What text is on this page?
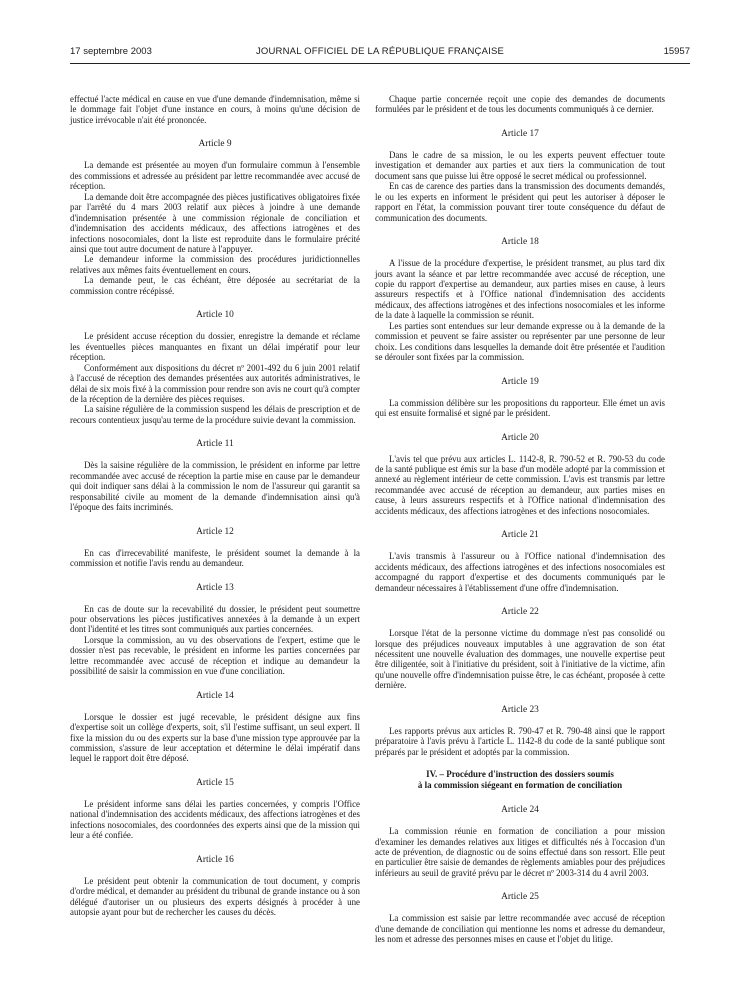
17 septembre 2003	JOURNAL OFFICIEL DE LA RÉPUBLIQUE FRANÇAISE	15957

effectué l'acte médical en cause en vue d'une demande d'indemnisation, même si le dommage fait l'objet d'une instance en cours, à moins qu'une décision de justice irrévocable n'ait été prononcée.

Article 9

La demande est présentée au moyen d'un formulaire commun à l'ensemble des commissions et adressée au président par lettre recommandée avec accusé de réception.

La demande doit être accompagnée des pièces justificatives obligatoires fixée par l'arrêté du 4 mars 2003 relatif aux pièces à joindre à une demande d'indemnisation présentée à une commission régionale de conciliation et d'indemnisation des accidents médicaux, des affections iatrogènes et des infections nosocomiales, dont la liste est reproduite dans le formulaire précité ainsi que tout autre document de nature à l'appuyer.

Le demandeur informe la commission des procédures juridictionnelles relatives aux mêmes faits éventuellement en cours.

La demande peut, le cas échéant, être déposée au secrétariat de la commission contre récépissé.

Article 10

Le président accuse réception du dossier, enregistre la demande et réclame les éventuelles pièces manquantes en fixant un délai impératif pour leur réception.

Conformément aux dispositions du décret nº 2001-492 du 6 juin 2001 relatif à l'accusé de réception des demandes présentées aux autorités administratives, le délai de six mois fixé à la commission pour rendre son avis ne court qu'à compter de la réception de la dernière des pièces requises.

La saisine régulière de la commission suspend les délais de prescription et de recours contentieux jusqu'au terme de la procédure suivie devant la commission.

Article 11

Dès la saisine régulière de la commission, le président en informe par lettre recommandée avec accusé de réception la partie mise en cause par le demandeur qui doit indiquer sans délai à la commission le nom de l'assureur qui garantit sa responsabilité civile au moment de la demande d'indemnisation ainsi qu'à l'époque des faits incriminés.

Article 12

En cas d'irrecevabilité manifeste, le président soumet la demande à la commission et notifie l'avis rendu au demandeur.

Article 13

En cas de doute sur la recevabilité du dossier, le président peut soumettre pour observations les pièces justificatives annexées à la demande à un expert dont l'identité et les titres sont communiqués aux parties concernées.

Lorsque la commission, au vu des observations de l'expert, estime que le dossier n'est pas recevable, le président en informe les parties concernées par lettre recommandée avec accusé de réception et indique au demandeur la possibilité de saisir la commission en vue d'une conciliation.

Article 14

Lorsque le dossier est jugé recevable, le président désigne aux fins d'expertise soit un collège d'experts, soit, s'il l'estime suffisant, un seul expert. Il fixe la mission du ou des experts sur la base d'une mission type approuvée par la commission, s'assure de leur acceptation et détermine le délai impératif dans lequel le rapport doit être déposé.

Article 15

Le président informe sans délai les parties concernées, y compris l'Office national d'indemnisation des accidents médicaux, des affections iatrogènes et des infections nosocomiales, des coordonnées des experts ainsi que de la mission qui leur a été confiée.

Article 16

Le président peut obtenir la communication de tout document, y compris d'ordre médical, et demander au président du tribunal de grande instance ou à son délégué d'autoriser un ou plusieurs des experts désignés à procéder à une autopsie ayant pour but de rechercher les causes du décès.

Chaque partie concernée reçoit une copie des demandes de documents formulées par le président et de tous les documents communiqués à ce dernier.

Article 17

Dans le cadre de sa mission, le ou les experts peuvent effectuer toute investigation et demander aux parties et aux tiers la communication de tout document sans que puisse lui être opposé le secret médical ou professionnel.

En cas de carence des parties dans la transmission des documents demandés, le ou les experts en informent le président qui peut les autoriser à déposer le rapport en l'état, la commission pouvant tirer toute conséquence du défaut de communication des documents.

Article 18

A l'issue de la procédure d'expertise, le président transmet, au plus tard dix jours avant la séance et par lettre recommandée avec accusé de réception, une copie du rapport d'expertise au demandeur, aux parties mises en cause, à leurs assureurs respectifs et à l'Office national d'indemnisation des accidents médicaux, des affections iatrogènes et des infections nosocomiales et les informe de la date à laquelle la commission se réunit.

Les parties sont entendues sur leur demande expresse ou à la demande de la commission et peuvent se faire assister ou représenter par une personne de leur choix. Les conditions dans lesquelles la demande doit être présentée et l'audition se dérouler sont fixées par la commission.

Article 19

La commission délibère sur les propositions du rapporteur. Elle émet un avis qui est ensuite formalisé et signé par le président.

Article 20

L'avis tel que prévu aux articles L. 1142-8, R. 790-52 et R. 790-53 du code de la santé publique est émis sur la base d'un modèle adopté par la commission et annexé au règlement intérieur de cette commission. L'avis est transmis par lettre recommandée avec accusé de réception au demandeur, aux parties mises en cause, à leurs assureurs respectifs et à l'Office national d'indemnisation des accidents médicaux, des affections iatrogènes et des infections nosocomiales.

Article 21

L'avis transmis à l'assureur ou à l'Office national d'indemnisation des accidents médicaux, des affections iatrogènes et des infections nosocomiales est accompagné du rapport d'expertise et des documents communiqués par le demandeur nécessaires à l'établissement d'une offre d'indemnisation.

Article 22

Lorsque l'état de la personne victime du dommage n'est pas consolidé ou lorsque des préjudices nouveaux imputables à une aggravation de son état nécessitent une nouvelle évaluation des dommages, une nouvelle expertise peut être diligentée, soit à l'initiative du président, soit à l'initiative de la victime, afin qu'une nouvelle offre d'indemnisation puisse être, le cas échéant, proposée à cette dernière.

Article 23

Les rapports prévus aux articles R. 790-47 et R. 790-48 ainsi que le rapport préparatoire à l'avis prévu à l'article L. 1142-8 du code de la santé publique sont préparés par le président et adoptés par la commission.

IV. – Procédure d'instruction des dossiers soumis
à la commission siégeant en formation de conciliation
Article 24

La commission réunie en formation de conciliation a pour mission d'examiner les demandes relatives aux litiges et difficultés nés à l'occasion d'un acte de prévention, de diagnostic ou de soins effectué dans son ressort. Elle peut en particulier être saisie de demandes de règlements amiables pour des préjudices inférieurs au seuil de gravité prévu par le décret nº 2003-314 du 4 avril 2003.

Article 25

La commission est saisie par lettre recommandée avec accusé de réception d'une demande de conciliation qui mentionne les noms et adresse du demandeur, les nom et adresse des personnes mises en cause et l'objet du litige.
